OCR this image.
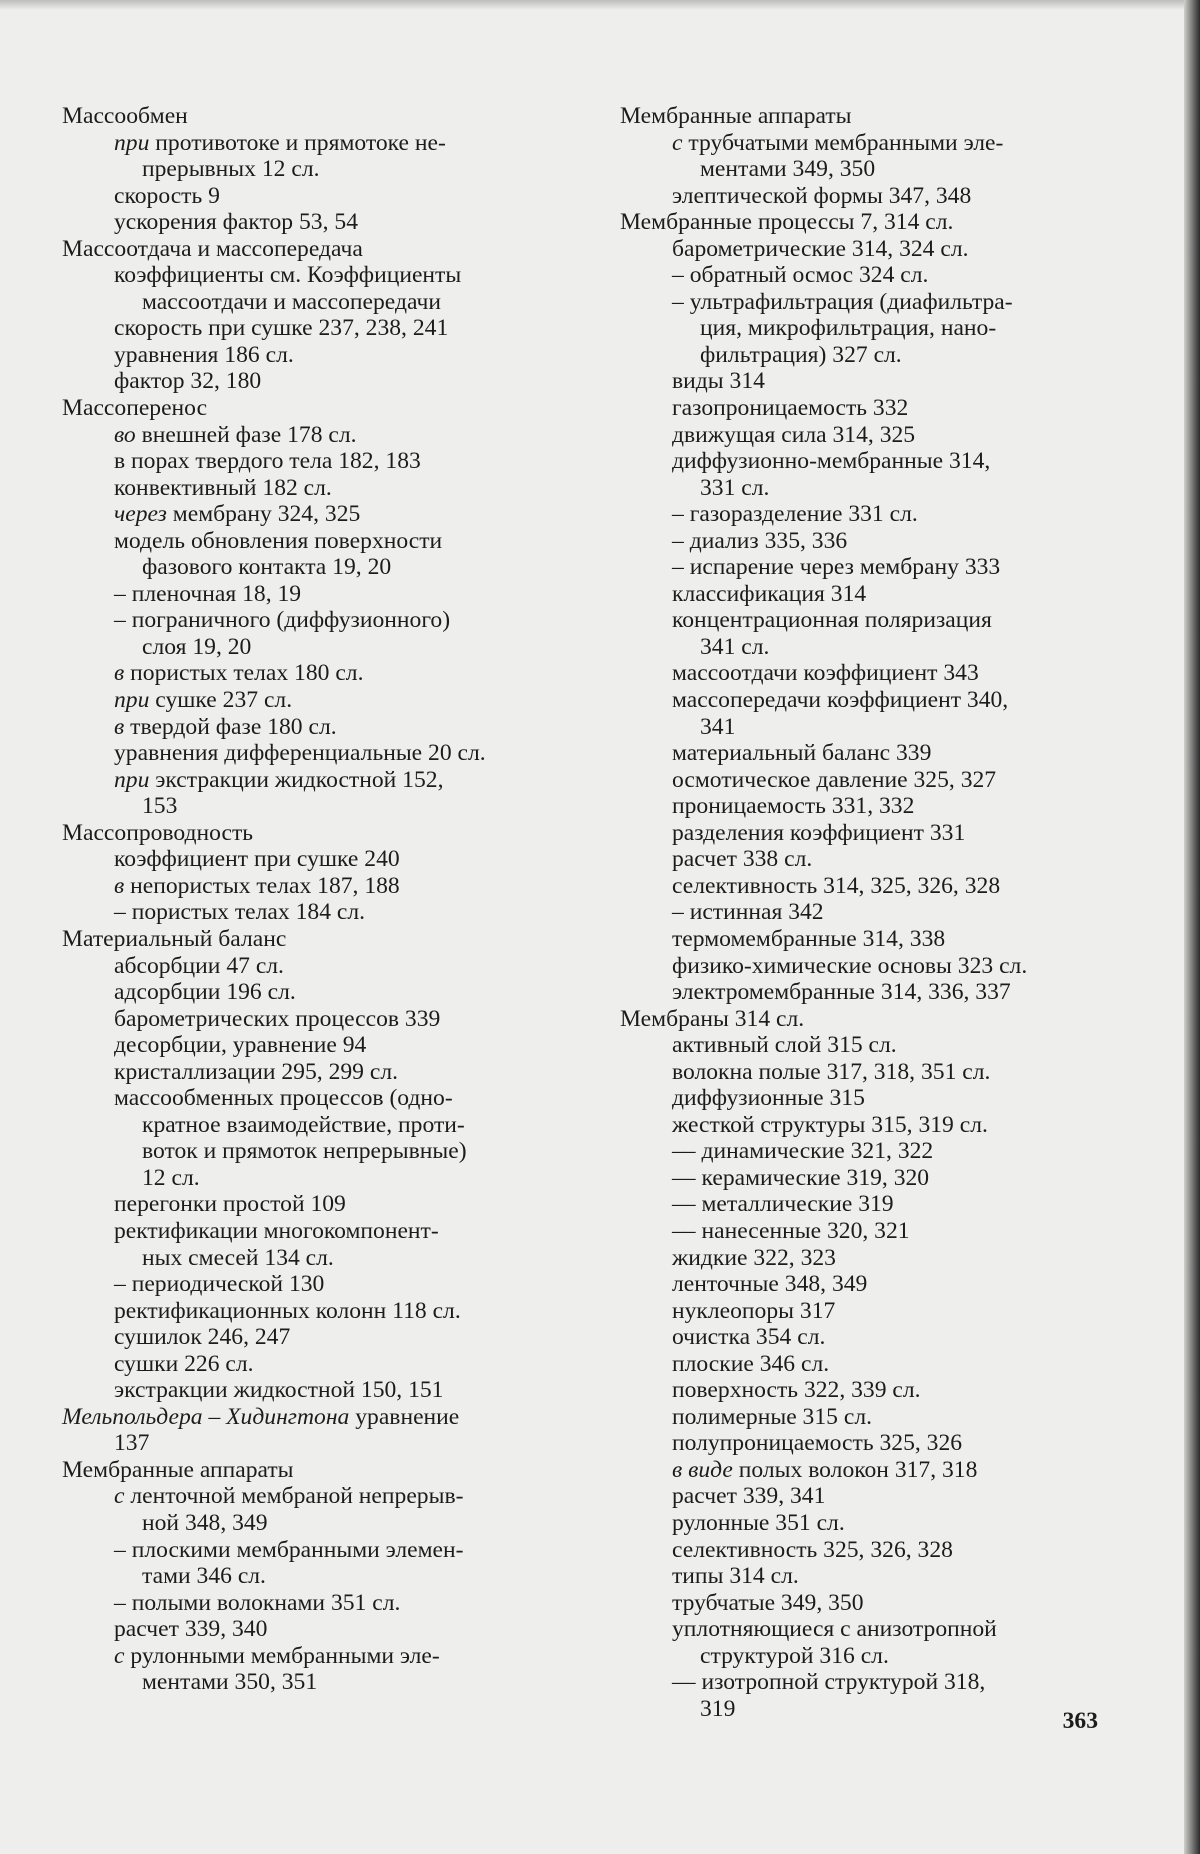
Массообмен
при противотоке и прямотоке не-
прерывных 12 сл.
скорость 9
ускорения фактор 53, 54
Массоотдача и массопередача
коэффициенты см. Коэффициенты
массоотдачи и массопередачи
скорость при сушке 237, 238, 241
уравнения 186 сл.
фактор 32, 180
Массоперенос
во внешней фазе 178 сл.
в порах твердого тела 182, 183
конвективный 182 сл.
через мембрану 324, 325
модель обновления поверхности
фазового контакта 19, 20
– пленочная 18, 19
– пограничного (диффузионного)
слоя 19, 20
в пористых телах 180 сл.
при сушке 237 сл.
в твердой фазе 180 сл.
уравнения дифференциальные 20 сл.
при экстракции жидкостной 152,
153
Массопроводность
коэффициент при сушке 240
в непористых телах 187, 188
– пористых телах 184 сл.
Материальный баланс
абсорбции 47 сл.
адсорбции 196 сл.
барометрических процессов 339
десорбции, уравнение 94
кристаллизации 295, 299 сл.
массообменных процессов (одно-
кратное взаимодействие, проти-
воток и прямоток непрерывные)
12 сл.
перегонки простой 109
ректификации многокомпонент-
ных смесей 134 сл.
– периодической 130
ректификационных колонн 118 сл.
сушилок 246, 247
сушки 226 сл.
экстракции жидкостной 150, 151
Мельпольдера – Хидингтона уравнение
137
Мембранные аппараты
с ленточной мембраной непрерыв-
ной 348, 349
– плоскими мембранными элемен-
тами 346 сл.
– полыми волокнами 351 сл.
расчет 339, 340
с рулонными мембранными эле-
ментами 350, 351
Мембранные аппараты
с трубчатыми мембранными эле-
ментами 349, 350
элептической формы 347, 348
Мембранные процессы 7, 314 сл.
барометрические 314, 324 сл.
– обратный осмос 324 сл.
– ультрафильтрация (диафильтра-
ция, микрофильтрация, нано-
фильтрация) 327 сл.
виды 314
газопроницаемость 332
движущая сила 314, 325
диффузионно-мембранные 314,
331 сл.
– газоразделение 331 сл.
– диализ 335, 336
– испарение через мембрану 333
классификация 314
концентрационная поляризация
341 сл.
массоотдачи коэффициент 343
массопередачи коэффициент 340,
341
материальный баланс 339
осмотическое давление 325, 327
проницаемость 331, 332
разделения коэффициент 331
расчет 338 сл.
селективность 314, 325, 326, 328
– истинная 342
термомембранные 314, 338
физико-химические основы 323 сл.
электромембранные 314, 336, 337
Мембраны 314 сл.
активный слой 315 сл.
волокна полые 317, 318, 351 сл.
диффузионные 315
жесткой структуры 315, 319 сл.
–– динамические 321, 322
–– керамические 319, 320
–– металлические 319
–– нанесенные 320, 321
жидкие 322, 323
ленточные 348, 349
нуклеопоры 317
очистка 354 сл.
плоские 346 сл.
поверхность 322, 339 сл.
полимерные 315 сл.
полупроницаемость 325, 326
в виде полых волокон 317, 318
расчет 339, 341
рулонные 351 сл.
селективность 325, 326, 328
типы 314 сл.
трубчатые 349, 350
уплотняющиеся с анизотропной
структурой 316 сл.
–– изотропной структурой 318,
319	363
